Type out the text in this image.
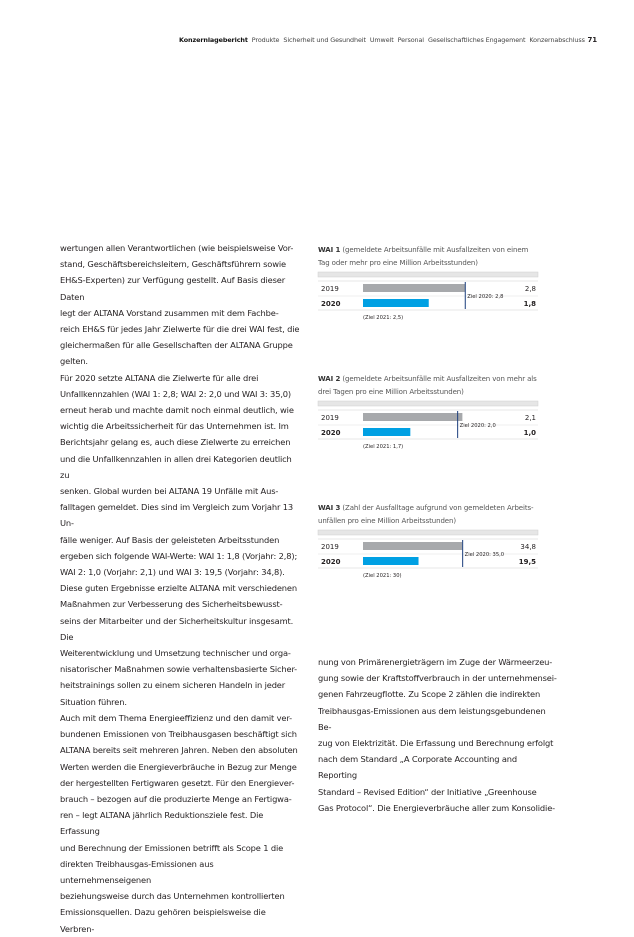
Konzernlagebericht Produkte Sicherheit und Gesundheit Umwelt Personal Gesellschaftliches Engagement Konzernabschluss 71

wertungen allen Verantwortlichen (wie beispielsweise Vor-
stand, Geschäftsbereichsleitern, Geschäftsführern sowie
EH&S-Experten) zur Verfügung gestellt. Auf Basis dieser Daten
legt der ALTANA Vorstand zusammen mit dem Fachbe-
reich EH&S für jedes Jahr Zielwerte für die drei WAI fest, die
gleichermaßen für alle Gesellschaften der ALTANA Gruppe
gelten.

Für 2020 setzte ALTANA die Zielwerte für alle drei
Unfallkennzahlen (WAI 1: 2,8; WAI 2: 2,0 und WAI 3: 35,0)
erneut herab und machte damit noch einmal deutlich, wie
wichtig die Arbeitssicherheit für das Unternehmen ist. Im
Berichtsjahr gelang es, auch diese Zielwerte zu erreichen
und die Unfallkennzahlen in allen drei Kategorien deutlich zu
senken. Global wurden bei ALTANA 19 Unfälle mit Aus-
falltagen gemeldet. Dies sind im Vergleich zum Vorjahr 13 Un-
fälle weniger. Auf Basis der geleisteten Arbeitsstunden
ergeben sich folgende WAI-Werte: WAI 1: 1,8 (Vorjahr: 2,8);
WAI 2: 1,0 (Vorjahr: 2,1) und WAI 3: 19,5 (Vorjahr: 34,8).
Diese guten Ergebnisse erzielte ALTANA mit verschiedenen
Maßnahmen zur Verbesserung des Sicherheitsbewusst-
seins der Mitarbeiter und der Sicherheitskultur insgesamt. Die
Weiterentwicklung und Umsetzung technischer und orga-
nisatorischer Maßnahmen sowie verhaltensbasierte Sicher-
heitstrainings sollen zu einem sicheren Handeln in jeder
Situation führen.

Auch mit dem Thema Energieeffizienz und den damit ver-
bundenen Emissionen von Treibhausgasen beschäftigt sich
ALTANA bereits seit mehreren Jahren. Neben den absoluten
Werten werden die Energieverbräuche in Bezug zur Menge
der hergestellten Fertigwaren gesetzt. Für den Energiever-
brauch – bezogen auf die produzierte Menge an Fertigwa-
ren – legt ALTANA jährlich Reduktionsziele fest. Die Erfassung
und Berechnung der Emissionen betrifft als Scope 1 die
direkten Treibhausgas-Emissionen aus unternehmenseigenen
beziehungsweise durch das Unternehmen kontrollierten
Emissionsquellen. Dazu gehören beispielsweise die Verbren-

nung von Primärenergieträgern im Zuge der Wärmeerzeu-
gung sowie der Kraftstoffverbrauch in der unternehmensei-
genen Fahrzeugflotte. Zu Scope 2 zählen die indirekten
Treibhausgas-Emissionen aus dem leistungsgebundenen Be-
zug von Elektrizität. Die Erfassung und Berechnung erfolgt
nach dem Standard „A Corporate Accounting and Reporting
Standard – Revised Edition“ der Initiative „Greenhouse
Gas Protocol“. Die Energieverbräuche aller zum Konsolidie-

WAI 1 (gemeldete Arbeitsunfälle mit Ausfallzeiten von einem Tag oder mehr pro eine Million Arbeitsstunden)
2019	2,8
2020	1,8
Ziel 2020: 2,8
(Ziel 2021: 2,5)
WAI 2 (gemeldete Arbeitsunfälle mit Ausfallzeiten von mehr als drei Tagen pro eine Million Arbeitsstunden)
2019	2,1
2020	1,0
Ziel 2020: 2,0
(Ziel 2021: 1,7)
WAI 3 (Zahl der Ausfalltage aufgrund von gemeldeten Arbeits-unfällen pro eine Million Arbeitsstunden)
2019	34,8
2020	19,5
Ziel 2020: 35,0
(Ziel 2021: 30)
